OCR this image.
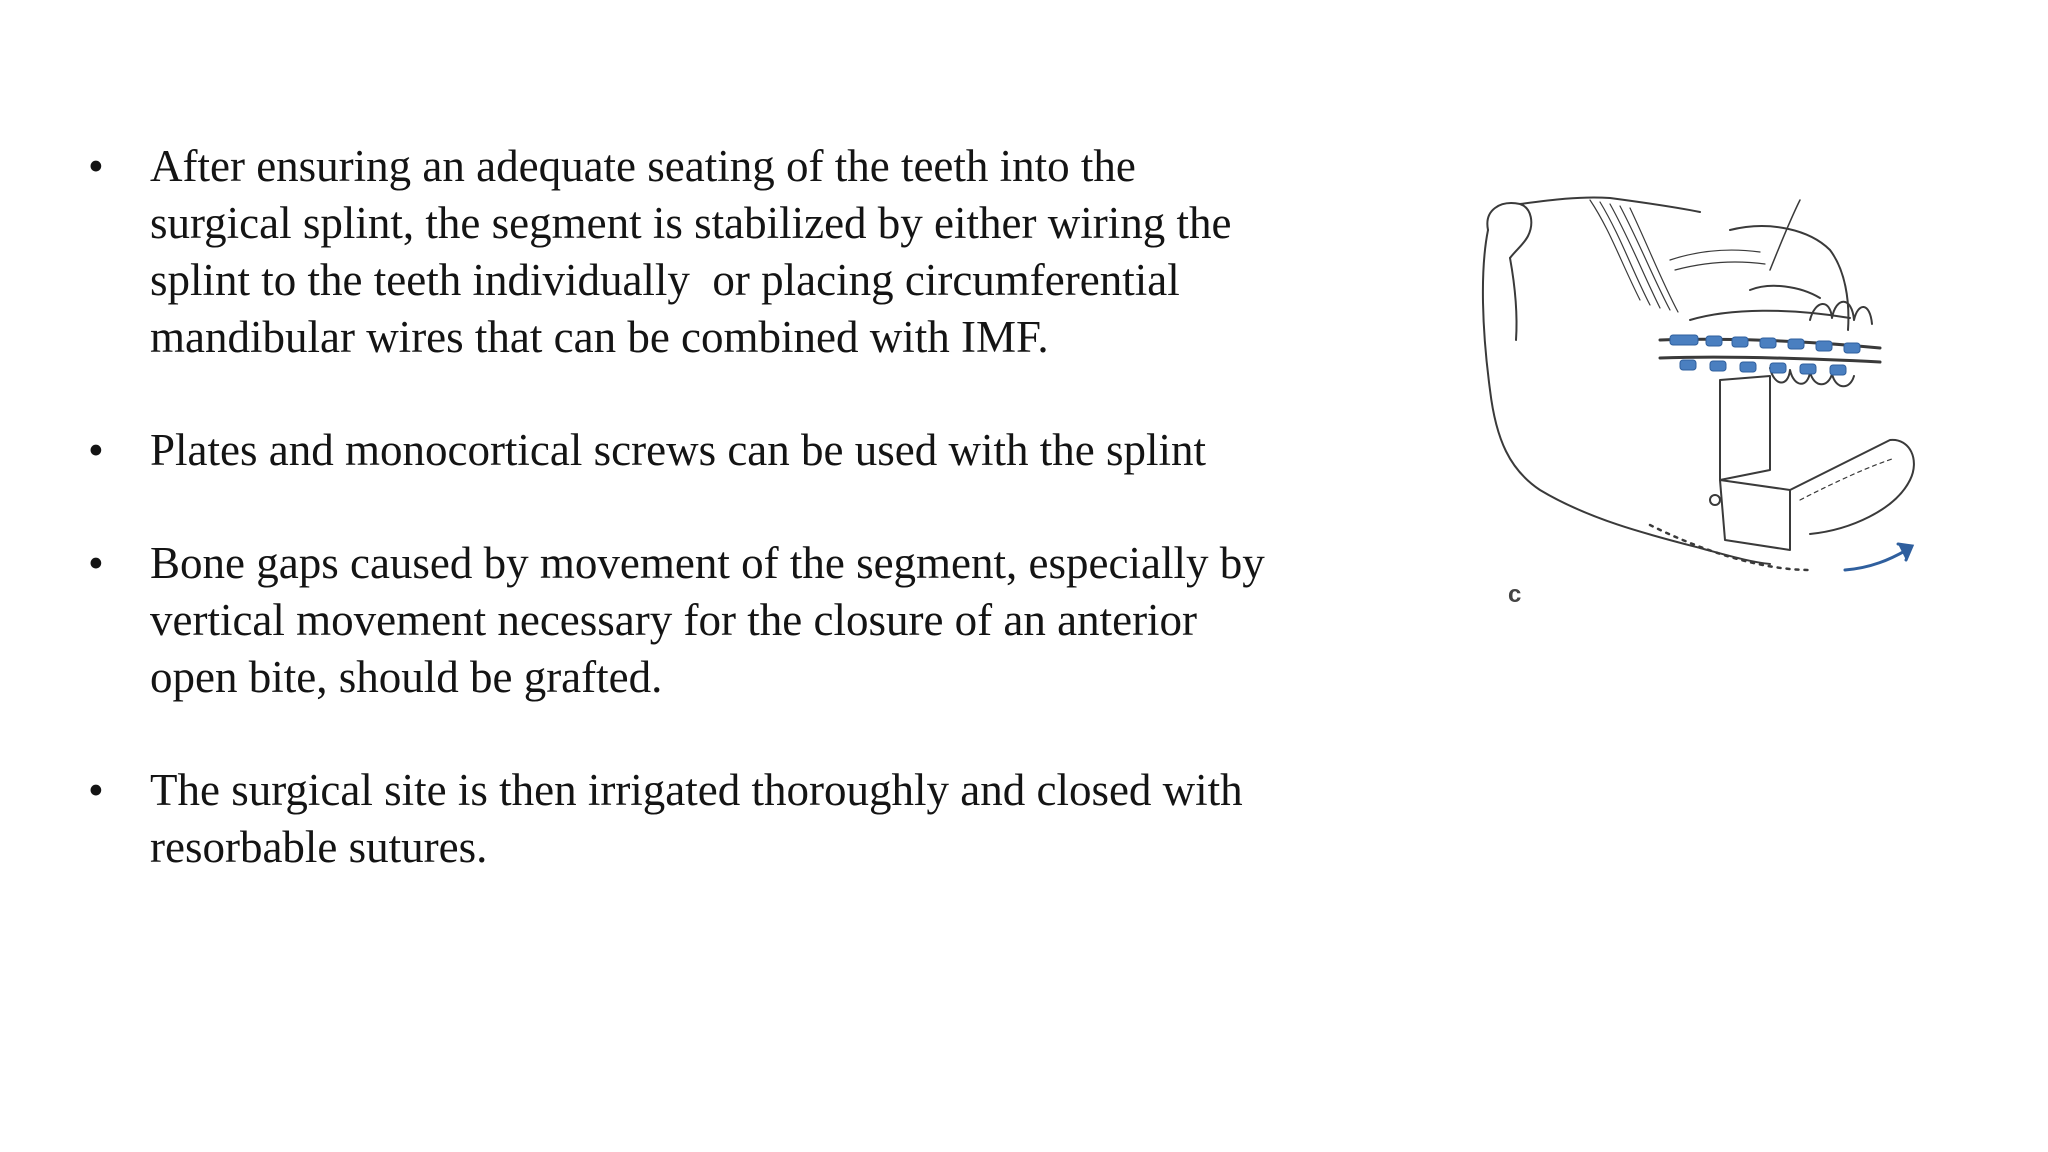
• After ensuring an adequate seating of the teeth into the
surgical splint, the segment is stabilized by either wiring the
splint to the teeth individually  or placing circumferential
mandibular wires that can be combined with IMF.
• Plates and monocortical screws can be used with the splint
• Bone gaps caused by movement of the segment, especially by
vertical movement necessary for the closure of an anterior
open bite, should be grafted.
• The surgical site is then irrigated thoroughly and closed with
resorbable sutures.
c
